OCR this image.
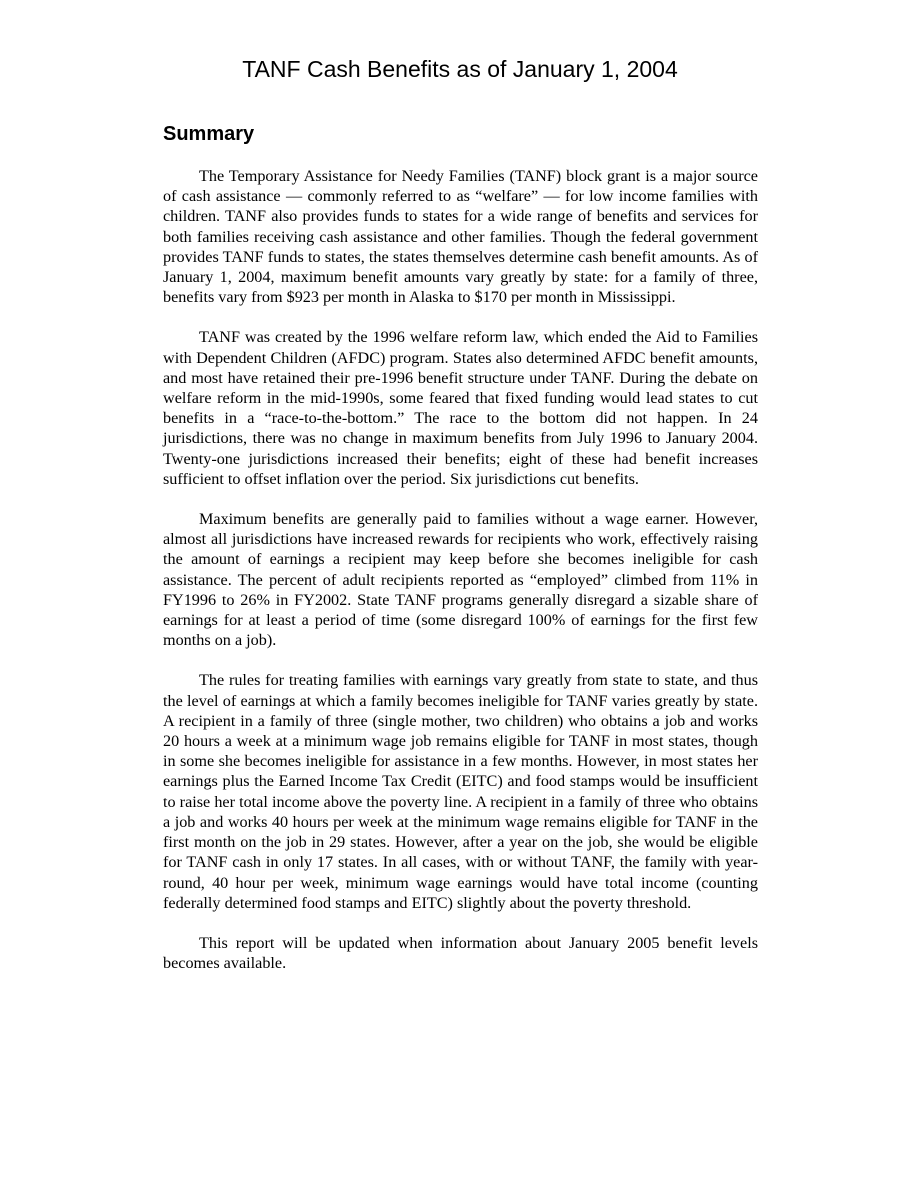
TANF Cash Benefits as of January 1, 2004
Summary

The Temporary Assistance for Needy Families (TANF) block grant is a major source of cash assistance — commonly referred to as “welfare” — for low income families with children. TANF also provides funds to states for a wide range of benefits and services for both families receiving cash assistance and other families. Though the federal government provides TANF funds to states, the states themselves determine cash benefit amounts. As of January 1, 2004, maximum benefit amounts vary greatly by state: for a family of three, benefits vary from $923 per month in Alaska to $170 per month in Mississippi.

TANF was created by the 1996 welfare reform law, which ended the Aid to Families with Dependent Children (AFDC) program. States also determined AFDC benefit amounts, and most have retained their pre-1996 benefit structure under TANF. During the debate on welfare reform in the mid-1990s, some feared that fixed funding would lead states to cut benefits in a “race-to-the-bottom.” The race to the bottom did not happen. In 24 jurisdictions, there was no change in maximum benefits from July 1996 to January 2004. Twenty-one jurisdictions increased their benefits; eight of these had benefit increases sufficient to offset inflation over the period. Six jurisdictions cut benefits.

Maximum benefits are generally paid to families without a wage earner. However, almost all jurisdictions have increased rewards for recipients who work, effectively raising the amount of earnings a recipient may keep before she becomes ineligible for cash assistance. The percent of adult recipients reported as “employed” climbed from 11% in FY1996 to 26% in FY2002. State TANF programs generally disregard a sizable share of earnings for at least a period of time (some disregard 100% of earnings for the first few months on a job).

The rules for treating families with earnings vary greatly from state to state, and thus the level of earnings at which a family becomes ineligible for TANF varies greatly by state. A recipient in a family of three (single mother, two children) who obtains a job and works 20 hours a week at a minimum wage job remains eligible for TANF in most states, though in some she becomes ineligible for assistance in a few months. However, in most states her earnings plus the Earned Income Tax Credit (EITC) and food stamps would be insufficient to raise her total income above the poverty line. A recipient in a family of three who obtains a job and works 40 hours per week at the minimum wage remains eligible for TANF in the first month on the job in 29 states. However, after a year on the job, she would be eligible for TANF cash in only 17 states. In all cases, with or without TANF, the family with year-round, 40 hour per week, minimum wage earnings would have total income (counting federally determined food stamps and EITC) slightly about the poverty threshold.

This report will be updated when information about January 2005 benefit levels becomes available.
